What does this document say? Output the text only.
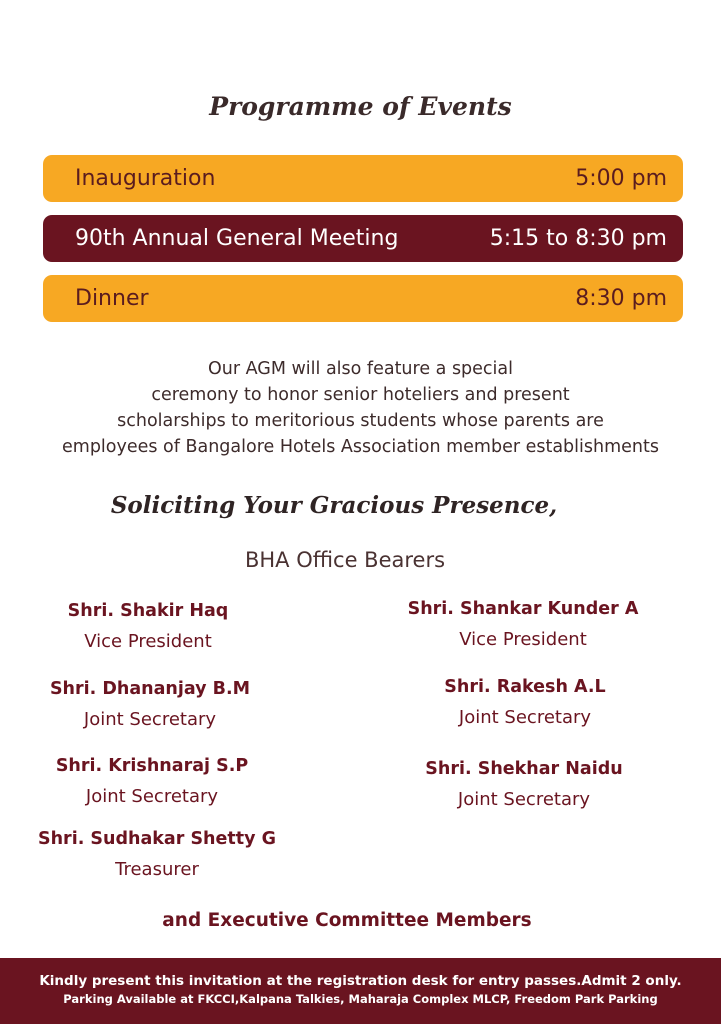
Programme of Events
Inauguration	5:00 pm
90th Annual General Meeting	5:15 to 8:30 pm
Dinner	8:30 pm
Our AGM will also feature a special
ceremony to honor senior hoteliers and present
scholarships to meritorious students whose parents are
employees of Bangalore Hotels Association member establishments
Soliciting Your Gracious Presence,
BHA Office Bearers
Shri. Shakir Haq
Vice President
Shri. Dhananjay B.M
Joint Secretary
Shri. Krishnaraj S.P
Joint Secretary
Shri. Sudhakar Shetty G
Treasurer
Shri. Shankar Kunder A
Vice President
Shri. Rakesh A.L
Joint Secretary
Shri. Shekhar Naidu
Joint Secretary
and Executive Committee Members
Kindly present this invitation at the registration desk for entry passes.Admit 2 only.
Parking Available at FKCCI,Kalpana Talkies, Maharaja Complex MLCP, Freedom Park Parking
